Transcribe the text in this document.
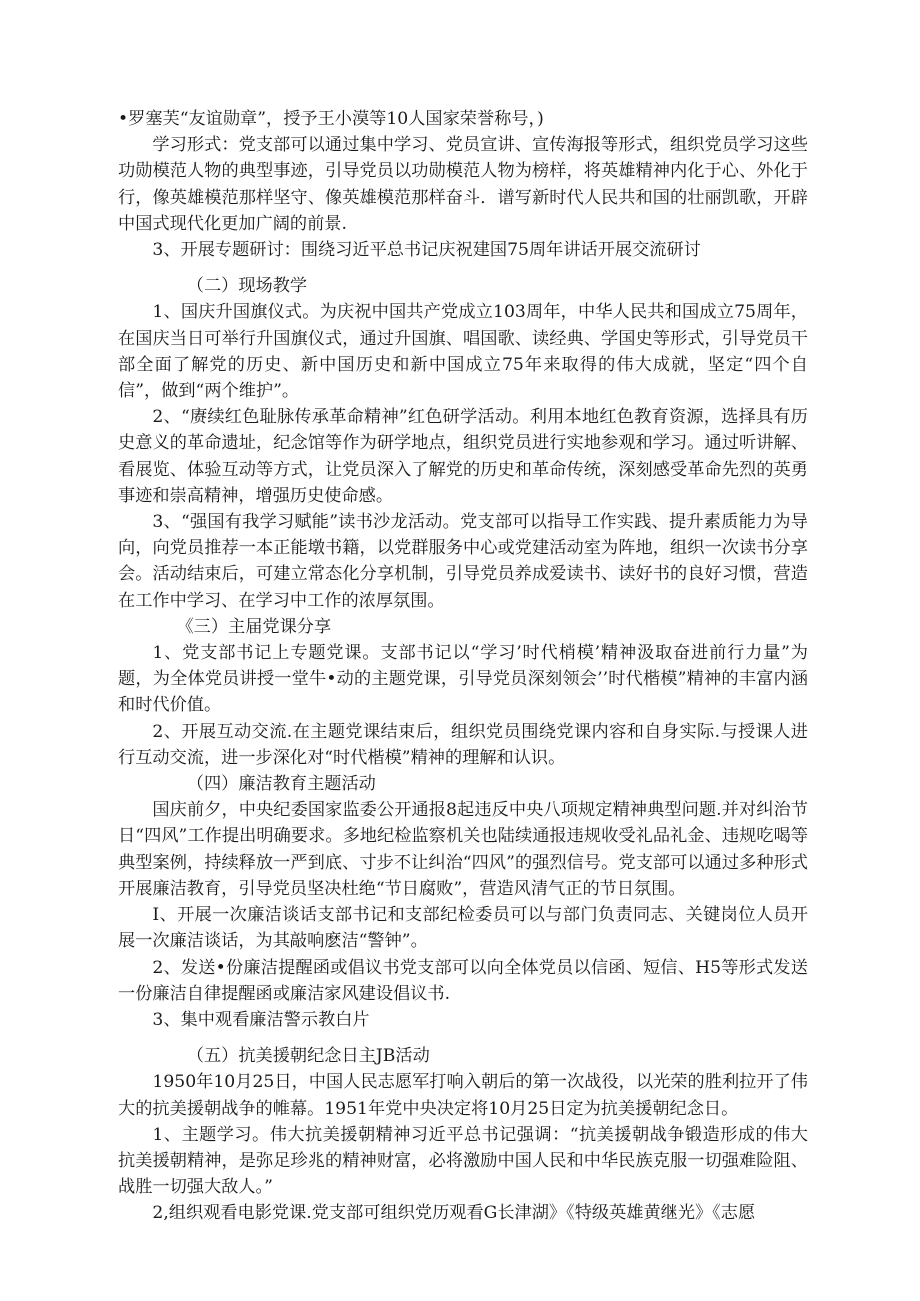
•罗塞芙“友谊勋章”，授予王小漠等10人国家荣誉称号，)

学习形式：党支部可以通过集中学习、党员宣讲、宣传海报等形式，组织党员学习这些功勋模范人物的典型事迹，引导党员以功勋模范人物为榜样，将英雄精神内化于心、外化于行，像英雄模范那样坚守、像英雄模范那样奋斗．谱写新时代人民共和国的壮丽凯歌，开辟中国式现代化更加广阔的前景.

3、开展专题研讨：围绕习近平总书记庆祝建国75周年讲话开展交流研讨

（二）现场教学

1、国庆升国旗仪式。为庆祝中国共产党成立103周年，中华人民共和国成立75周年，在国庆当日可举行升国旗仪式，通过升国旗、唱国歌、读经典、学国史等形式，引导党员干部全面了解党的历史、新中国历史和新中国成立75年来取得的伟大成就，坚定“四个自信”，做到“两个维护”。

2、“赓续红色耻脉传承革命精神”红色研学活动。利用本地红色教育资源，选择具有历史意义的革命遗址，纪念馆等作为研学地点，组织党员进行实地参观和学习。通过听讲解、看展览、体验互动等方式，让党员深入了解党的历史和革命传统，深刻感受革命先烈的英勇事迹和崇高精神，增强历史使命感。

3、“强国有我学习赋能”读书沙龙活动。党支部可以指导工作实践、提升素质能力为导向，向党员推荐一本正能墩书籍，以党群服务中心或党建活动室为阵地，组织一次读书分享会。活动结束后，可建立常态化分享机制，引导党员养成爱读书、读好书的良好习惯，营造在工作中学习、在学习中工作的浓厚氛围。

《三）主届党课分享

1、党支部书记上专题党课。支部书记以“学习’时代梢模’精神汲取奋进前行力量”为题，为全体党员讲授一堂牛•动的主题党课，引导党员深刻领会’’时代楷模”精神的丰富内涵和时代价值。

2、开展互动交流.在主题党课结束后，组织党员围绕党课内容和自身实际.与授课人进行互动交流，进一步深化对“时代楷模”精神的理解和认识。

（四）廉洁教育主题活动

国庆前夕，中央纪委国家监委公开通报8起违反中央八项规定精神典型问题.并对纠治节日“四风”工作提出明确要求。多地纪检监察机关也陆续通报违规收受礼品礼金、违规吃喝等典型案例，持续释放一严到底、寸步不让纠治“四风”的强烈信号。党支部可以通过多种形式开展廉洁教育，引导党员坚决杜绝“节日腐败”，营造风清气正的节日氛围。

I、开展一次廉洁谈话支部书记和支部纪检委员可以与部门负责同志、关键岗位人员开展一次廉洁谈话，为其敲响麽洁“警钟”。

2、发送•份廉洁提醒函或倡议书党支部可以向全体党员以信函、短信、H5等形式发送一份廉洁自律提醒函或廉洁家风建设倡议书.

3、集中观看廉洁警示教白片

（五）抗美援朝纪念日主JB活动

1950年10月25日，中国人民志愿军打响入朝后的第一次战役，以光荣的胜利拉开了伟大的抗美援朝战争的帷幕。1951年党中央决定将10月25日定为抗美援朝纪念日。

1、主题学习。伟大抗美援朝精神习近平总书记强调：“抗美援朝战争锻造形成的伟大抗美援朝精神，是弥足珍兆的精神财富，必将激励中国人民和中华民族克服一切强难险阻、战胜一切强大敌人。”

2,组织观看电影党课.党支部可组织党历观看G长津湖》《特级英雄黄继光》《志愿
